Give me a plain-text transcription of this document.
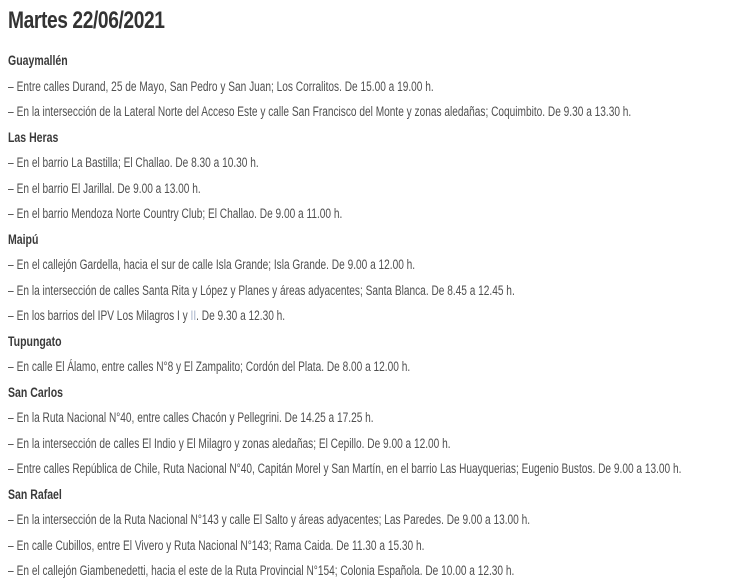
Martes 22/06/2021
Guaymallén

– Entre calles Durand, 25 de Mayo, San Pedro y San Juan; Los Corralitos. De 15.00 a 19.00 h.

– En la intersección de la Lateral Norte del Acceso Este y calle San Francisco del Monte y zonas aledañas; Coquimbito. De 9.30 a 13.30 h.

Las Heras

– En el barrio La Bastilla; El Challao. De 8.30 a 10.30 h.

– En el barrio El Jarillal. De 9.00 a 13.00 h.

– En el barrio Mendoza Norte Country Club; El Challao. De 9.00 a 11.00 h.

Maipú

– En el callejón Gardella, hacia el sur de calle Isla Grande; Isla Grande. De 9.00 a 12.00 h.

– En la intersección de calles Santa Rita y López y Planes y áreas adyacentes; Santa Blanca. De 8.45 a 12.45 h.

– En los barrios del IPV Los Milagros I y II. De 9.30 a 12.30 h.

Tupungato

– En calle El Álamo, entre calles N°8 y El Zampalito; Cordón del Plata. De 8.00 a 12.00 h.

San Carlos

– En la Ruta Nacional N°40, entre calles Chacón y Pellegrini. De 14.25 a 17.25 h.

– En la intersección de calles El Indio y El Milagro y zonas aledañas; El Cepillo. De 9.00 a 12.00 h.

– Entre calles República de Chile, Ruta Nacional N°40, Capitán Morel y San Martín, en el barrio Las Huayquerias; Eugenio Bustos. De 9.00 a 13.00 h.

San Rafael

– En la intersección de la Ruta Nacional N°143 y calle El Salto y áreas adyacentes; Las Paredes. De 9.00 a 13.00 h.

– En calle Cubillos, entre El Vivero y Ruta Nacional N°143; Rama Caida. De 11.30 a 15.30 h.

– En el callejón Giambenedetti, hacia el este de la Ruta Provincial N°154; Colonia Española. De 10.00 a 12.30 h.
